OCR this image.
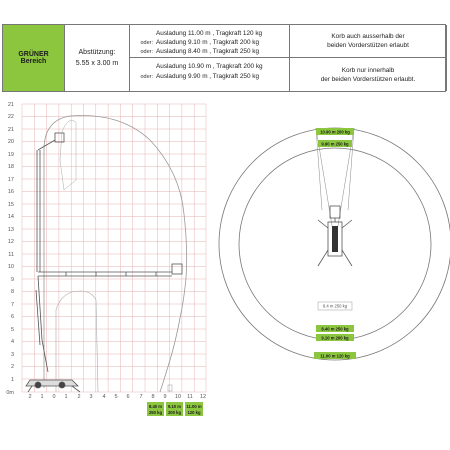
GRÜNER
Bereich
Abstützung:
5.55 x 3.00 m
Ausladung 11.00 m , Tragkraft 120 kg
oder: Ausladung 9.10 m , Tragkraft 200 kg
oder: Ausladung 8.40 m , Tragkraft 250 kg
Ausladung 10.90 m , Tragkraft 200 kg
oder: Ausladung 9.90 m , Tragkraft 250 kg
Korb auch ausserhalb der
beiden Vorderstützen erlaubt
Korb nur innerhalb
der beiden Vorderstützen erlaubt.
21
22
21
20
19
18
17
16
15
14
13
12
11
10
9
8
7
6
5
4
3
2
1
0m
2 1 0 1 2 3 4 5 6 7 8 9 10 11 12
8.40 m
250 kg
9.10 m
200 kg
11.00 m
120 kg
10.90 m 200 kg
9.90 m 250 kg
8.40 m 250 kg
9.10 m 200 kg
11.00 m 120 kg
8.4 m 250 kg
